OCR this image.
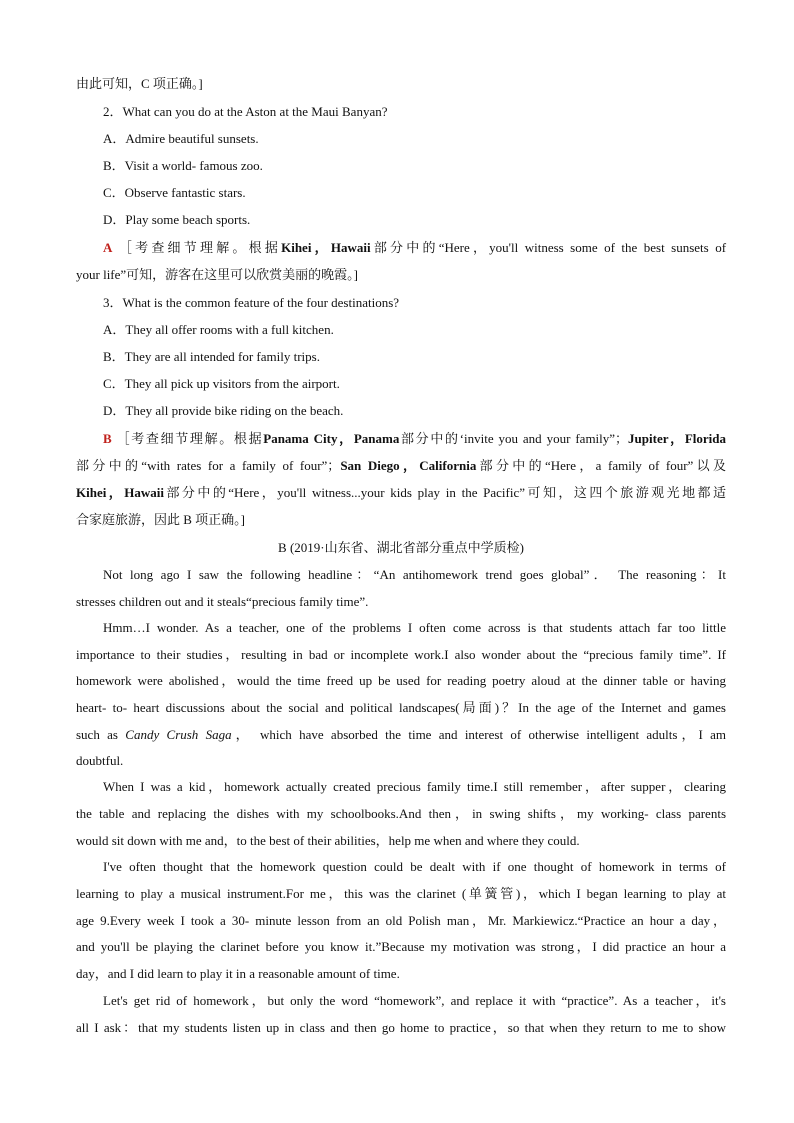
由此可知，C 项正确。]
2．What can you do at the Aston at the Maui Banyan?
A．Admire beautiful sunsets.
B．Visit a world- famous zoo.
C．Observe fantastic stars.
D．Play some beach sports.
A ［考查细节理解。根据Kihei，Hawaii部分中的“Here，you'll witness some of the best sunsets of
your life”可知，游客在这里可以欣赏美丽的晚霞。]
3．What is the common feature of the four destinations?
A．They all offer rooms with a full kitchen.
B．They are all intended for family trips.
C．They all pick up visitors from the airport.
D．They all provide bike riding on the beach.
B ［考查细节理解。根据Panama City，Panama部分中的‘invite you and your family”；Jupiter，Florida
部分中的“with rates for a family of four”；San Diego，California部分中的“Here，a family of four”以及
Kihei，Hawaii部分中的“Here，you'll witness...your kids play in the Pacific”可知，这四个旅游观光地都适
合家庭旅游，因此 B 项正确。]
B (2019·山东省、湖北省部分重点中学质检)
Not long ago I saw the following headline：“An antihomework trend goes global”． The reasoning：It
stresses children out and it steals“precious family time”.
Hmm…I wonder. As a teacher, one of the problems I often come across is that students attach far too little
importance to their studies，resulting in bad or incomplete work.I also wonder about the “precious family time”. If
homework were abolished，would the time freed up be used for reading poetry aloud at the dinner table or having
heart- to- heart discussions about the social and political landscapes(局面)？In the age of the Internet and games
such as Candy Crush Saga， which have absorbed the time and interest of otherwise intelligent adults，I am
doubtful.
When I was a kid，homework actually created precious family time.I still remember，after supper，clearing
the table and replacing the dishes with my schoolbooks.And then，in swing shifts，my working- class parents
would sit down with me and，to the best of their abilities，help me when and where they could.
I've often thought that the homework question could be dealt with if one thought of homework in terms of
learning to play a musical instrument.For me，this was the clarinet (单簧管)，which I began learning to play at
age 9.Every week I took a 30- minute lesson from an old Polish man，Mr. Markiewicz.“Practice an hour a day，
and you'll be playing the clarinet before you know it.”Because my motivation was strong，I did practice an hour a
day，and I did learn to play it in a reasonable amount of time.
Let's get rid of homework，but only the word “homework”, and replace it with “practice”. As a teacher，it's
all I ask：that my students listen up in class and then go home to practice，so that when they return to me to show
